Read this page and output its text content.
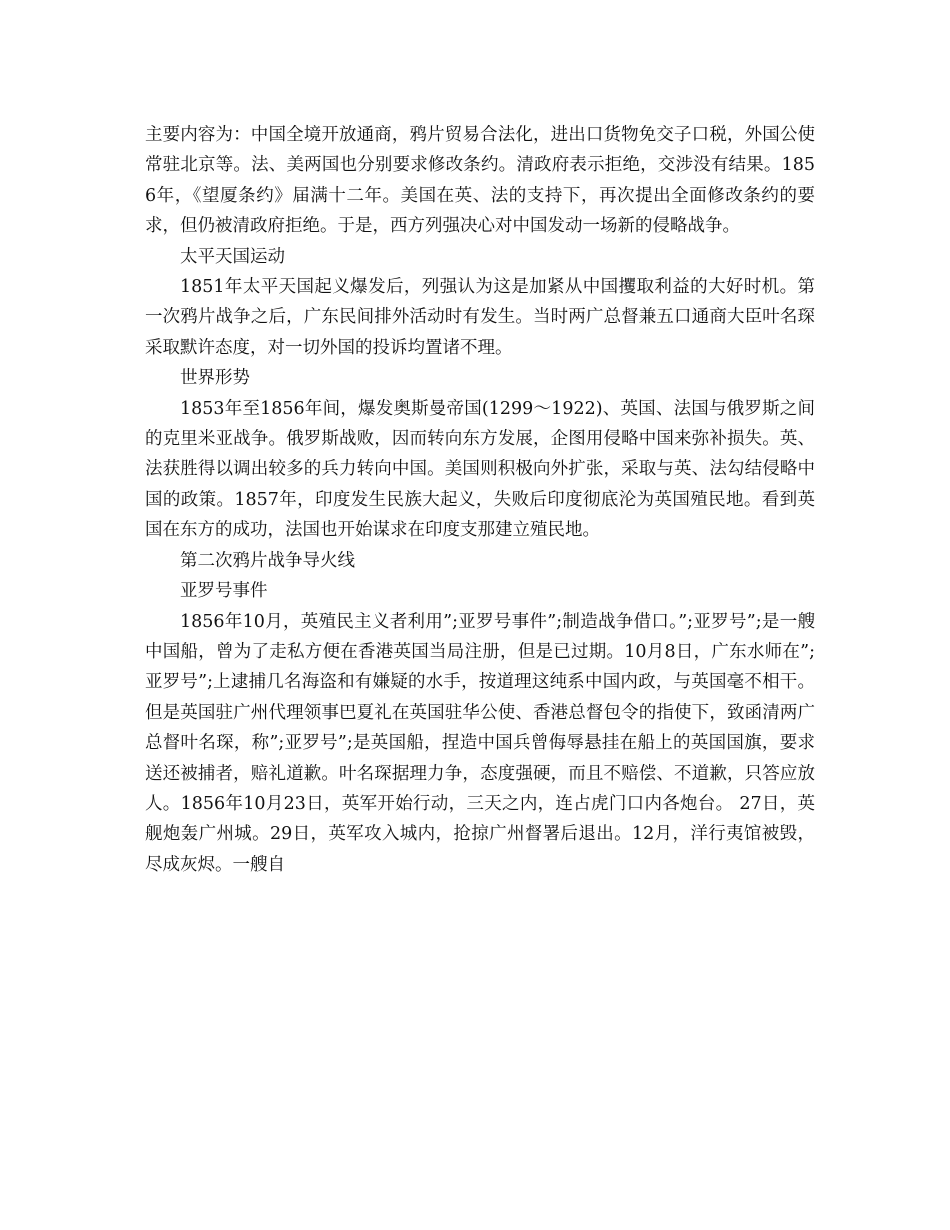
主要内容为：中国全境开放通商，鸦片贸易合法化，进出口货物免交子口税，外国公使常驻北京等。法、美两国也分别要求修改条约。清政府表示拒绝，交涉没有结果。1856年，《望厦条约》届满十二年。美国在英、法的支持下，再次提出全面修改条约的要求，但仍被清政府拒绝。于是，西方列强决心对中国发动一场新的侵略战争。

太平天国运动

1851年太平天国起义爆发后，列强认为这是加紧从中国攫取利益的大好时机。第一次鸦片战争之后，广东民间排外活动时有发生。当时两广总督兼五口通商大臣叶名琛采取默许态度，对一切外国的投诉均置诸不理。

世界形势

1853年至1856年间，爆发奥斯曼帝国(1299～1922)、英国、法国与俄罗斯之间的克里米亚战争。俄罗斯战败，因而转向东方发展，企图用侵略中国来弥补损失。英、法获胜得以调出较多的兵力转向中国。美国则积极向外扩张，采取与英、法勾结侵略中国的政策。1857年，印度发生民族大起义，失败后印度彻底沦为英国殖民地。看到英国在东方的成功，法国也开始谋求在印度支那建立殖民地。

第二次鸦片战争导火线

亚罗号事件

1856年10月，英殖民主义者利用”;亚罗号事件”;制造战争借口。”;亚罗号”;是一艘中国船，曾为了走私方便在香港英国当局注册，但是已过期。10月8日，广东水师在”;亚罗号”;上逮捕几名海盗和有嫌疑的水手，按道理这纯系中国内政，与英国毫不相干。但是英国驻广州代理领事巴夏礼在英国驻华公使、香港总督包令的指使下，致函清两广总督叶名琛，称”;亚罗号”;是英国船，捏造中国兵曾侮辱悬挂在船上的英国国旗，要求送还被捕者，赔礼道歉。叶名琛据理力争，态度强硬，而且不赔偿、不道歉，只答应放人。1856年10月23日，英军开始行动，三天之内，连占虎门口内各炮台。 27日，英舰炮轰广州城。29日，英军攻入城内，抢掠广州督署后退出。12月，洋行夷馆被毁，尽成灰烬。一艘自
